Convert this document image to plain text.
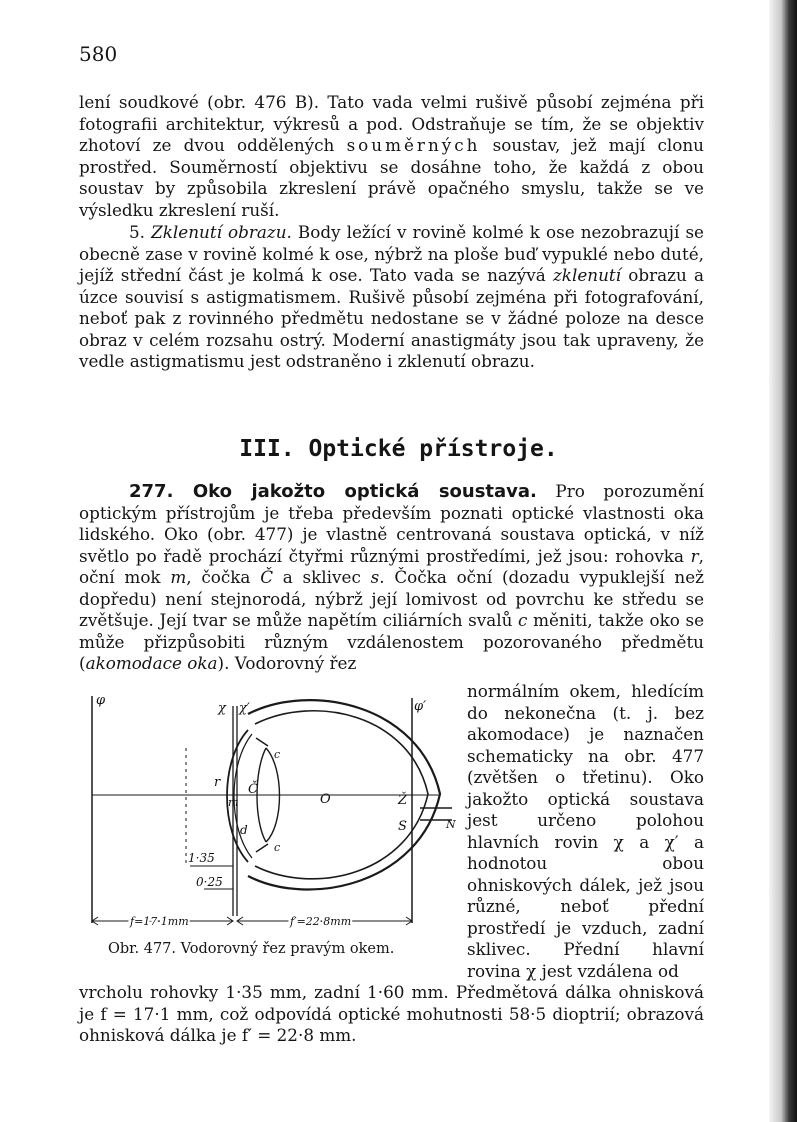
580

lení soudkové (obr. 476 B). Tato vada velmi rušivě působí zejména při fotografii architektur, výkresů a pod. Odstraňuje se tím, že se objektiv zhotoví ze dvou oddělených souměrných soustav, jež mají clonu prostřed. Souměrností objektivu se dosáhne toho, že každá z obou soustav by způsobila zkreslení právě opačného smyslu, takže se ve výsledku zkreslení ruší.

5. Zklenutí obrazu. Body ležící v rovině kolmé k ose nezobrazují se obecně zase v rovině kolmé k ose, nýbrž na ploše buď vypuklé nebo duté, jejíž střední část je kolmá k ose. Tato vada se nazývá zklenutí obrazu a úzce souvisí s astigmatismem. Rušivě působí zejména při fotografování, neboť pak z rovinného předmětu nedostane se v žádné poloze na desce obraz v celém rozsahu ostrý. Moderní anastigmáty jsou tak upraveny, že vedle astigmatismu jest odstraněno i zklenutí obrazu.

III. Optické přístroje.

277. Oko jakožto optická soustava. Pro porozumění optickým přístrojům je třeba především poznati optické vlastnosti oka lidského. Oko (obr. 477) je vlastně centrovaná soustava optická, v níž světlo po řadě prochází čtyřmi různými prostředími, jež jsou: rohovka r, oční mok m, čočka Č a sklivec s. Čočka oční (dozadu vypuklejší než dopředu) není stejnorodá, nýbrž její lomivost od povrchu ke středu se zvětšuje. Její tvar se může napětím ciliárních svalů c měniti, takže oko se může přizpůsobiti různým vzdálenostem pozorovaného předmětu (akomodace oka). Vodorovný řez

φ
χ χ′	φ′
r
m
Č
c
c
O	Ž
S	N
d
1·35
0·25
f=17·1mm	f′=22·8mm
Obr. 477. Vodorovný řez pravým okem.

normálním okem, hledícím do nekonečna (t. j. bez akomodace) je naznačen schematicky na obr. 477 (zvětšen o třetinu). Oko jakožto optická soustava jest určeno polohou hlavních rovin χ a χ′ a hodnotou obou ohniskových dálek, jež jsou různé, neboť přední prostředí je vzduch, zadní sklivec. Přední hlavní rovina χ jest vzdálena od

vrcholu rohovky 1·35 mm, zadní 1·60 mm. Předmětová dálka ohnisková je f = 17·1 mm, což odpovídá optické mohutnosti 58·5 dioptrií; obrazová ohnisková dálka je f′ = 22·8 mm.
